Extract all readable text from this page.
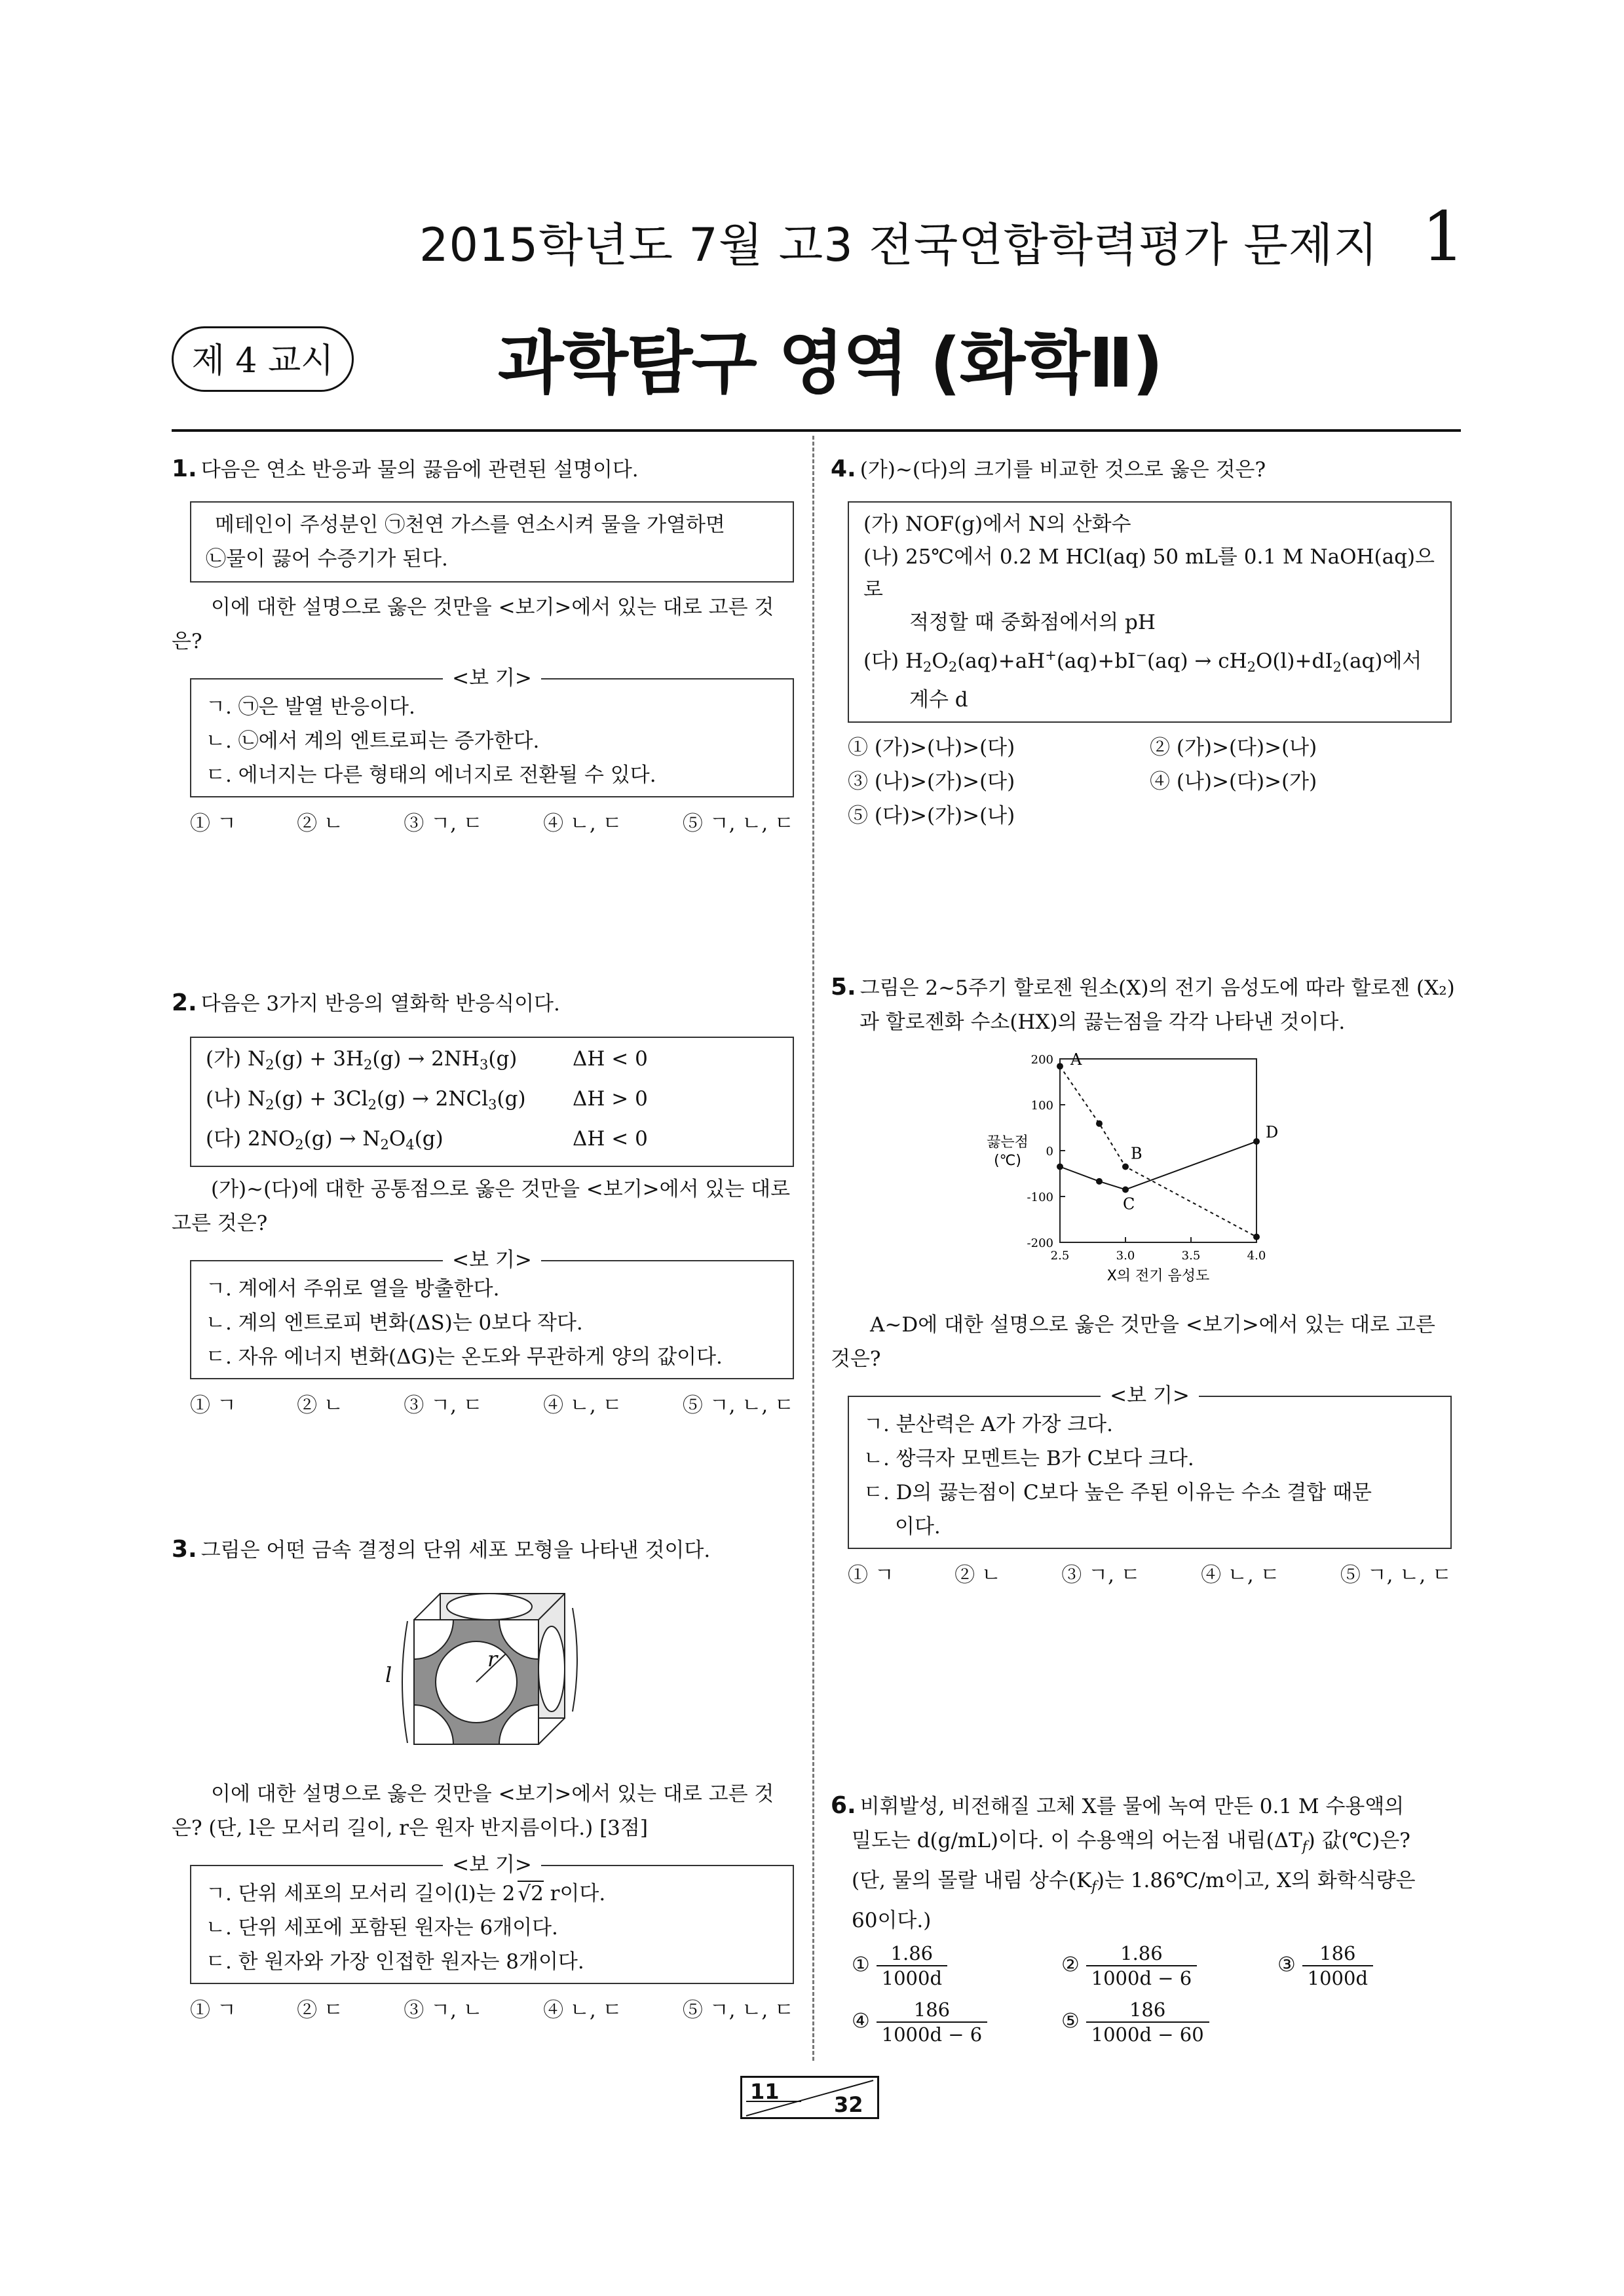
2015학년도 7월 고3 전국연합학력평가 문제지 1
제 4 교시 과학탐구 영역 (화학Ⅱ)

1. 다음은 연소 반응과 물의 끓음에 관련된 설명이다.

메테인이 주성분인 ㉠천연 가스를 연소시켜 물을 가열하면

㉡물이 끓어 수증기가 된다.

이에 대한 설명으로 옳은 것만을 <보기>에서 있는 대로 고른 것은?

<보 기>

ㄱ. ㉠은 발열 반응이다.

ㄴ. ㉡에서 계의 엔트로피는 증가한다.

ㄷ. 에너지는 다른 형태의 에너지로 전환될 수 있다.

① ㄱ	② ㄴ	③ ㄱ, ㄷ	④ ㄴ, ㄷ	⑤ ㄱ, ㄴ, ㄷ

2. 다음은 3가지 반응의 열화학 반응식이다.

(가) $N_2(g) + 3H_2(g) \to 2NH_3(g)$	ΔH < 0
(나) $N_2(g) + 3Cl_2(g) \to 2NCl_3(g)$	ΔH > 0
(다) $2NO_2(g) \to N_2O_4(g)$	ΔH < 0

(가)~(다)에 대한 공통점으로 옳은 것만을 <보기>에서 있는 대로 고른 것은?

<보 기>

ㄱ. 계에서 주위로 열을 방출한다.

ㄴ. 계의 엔트로피 변화(ΔS)는 0보다 작다.

ㄷ. 자유 에너지 변화(ΔG)는 온도와 무관하게 양의 값이다.

① ㄱ	② ㄴ	③ ㄱ, ㄷ	④ ㄴ, ㄷ	⑤ ㄱ, ㄴ, ㄷ

3. 그림은 어떤 금속 결정의 단위 세포 모형을 나타낸 것이다.

l
r

이에 대한 설명으로 옳은 것만을 <보기>에서 있는 대로 고른 것은? (단, l은 모서리 길이, r은 원자 반지름이다.) [3점]

<보 기>

ㄱ. 단위 세포의 모서리 길이(l)는 2 √2 r이다.

ㄴ. 단위 세포에 포함된 원자는 6개이다.

ㄷ. 한 원자와 가장 인접한 원자는 8개이다.

① ㄱ	② ㄷ	③ ㄱ, ㄴ	④ ㄴ, ㄷ	⑤ ㄱ, ㄴ, ㄷ

4. (가)~(다)의 크기를 비교한 것으로 옳은 것은?

(가) NOF(g)에서 N의 산화수

(나) 25℃에서 0.2 M HCl(aq) 50 mL를 0.1 M NaOH(aq)으로

적정할 때 중화점에서의 pH

(다) $H_2O_2(aq)+aH^+(aq)+bI^-(aq) \to cH_2O(l)+dI_2(aq)$에서

계수 d

① (가)>(나)>(다)	② (가)>(다)>(나)
③ (나)>(가)>(다)	④ (나)>(다)>(가)
⑤ (다)>(가)>(나)

5. 그림은 2~5주기 할로젠 원소(X)의 전기 음성도에 따라 할로젠 (X₂)과 할로젠화 수소(HX)의 끓는점을 각각 나타낸 것이다.

200
100
0
-100
-200
2.5	3.0	3.5	4.0
X의 전기 음성도
끓는점
(℃)
A
B
C
D

A~D에 대한 설명으로 옳은 것만을 <보기>에서 있는 대로 고른 것은?

<보 기>

ㄱ. 분산력은 A가 가장 크다.

ㄴ. 쌍극자 모멘트는 B가 C보다 크다.

ㄷ. D의 끓는점이 C보다 높은 주된 이유는 수소 결합 때문

이다.

① ㄱ	② ㄴ	③ ㄱ, ㄷ	④ ㄴ, ㄷ	⑤ ㄱ, ㄴ, ㄷ

6. 비휘발성, 비전해질 고체 X를 물에 녹여 만든 0.1 M 수용액의

밀도는 d(g/mL)이다. 이 수용액의 어는점 내림$(\Delta T_f)$ 값(℃)은?

(단, 물의 몰랄 내림 상수$(K_f)$는 1.86℃/m이고, X의 화학식량은

60이다.)

① $\frac{1.86}{1000d}$	② $\frac{1.86}{1000d - 6}$	③ $\frac{186}{1000d}$
④ $\frac{186}{1000d - 6}$	⑤ $\frac{186}{1000d - 60}$
11
32
